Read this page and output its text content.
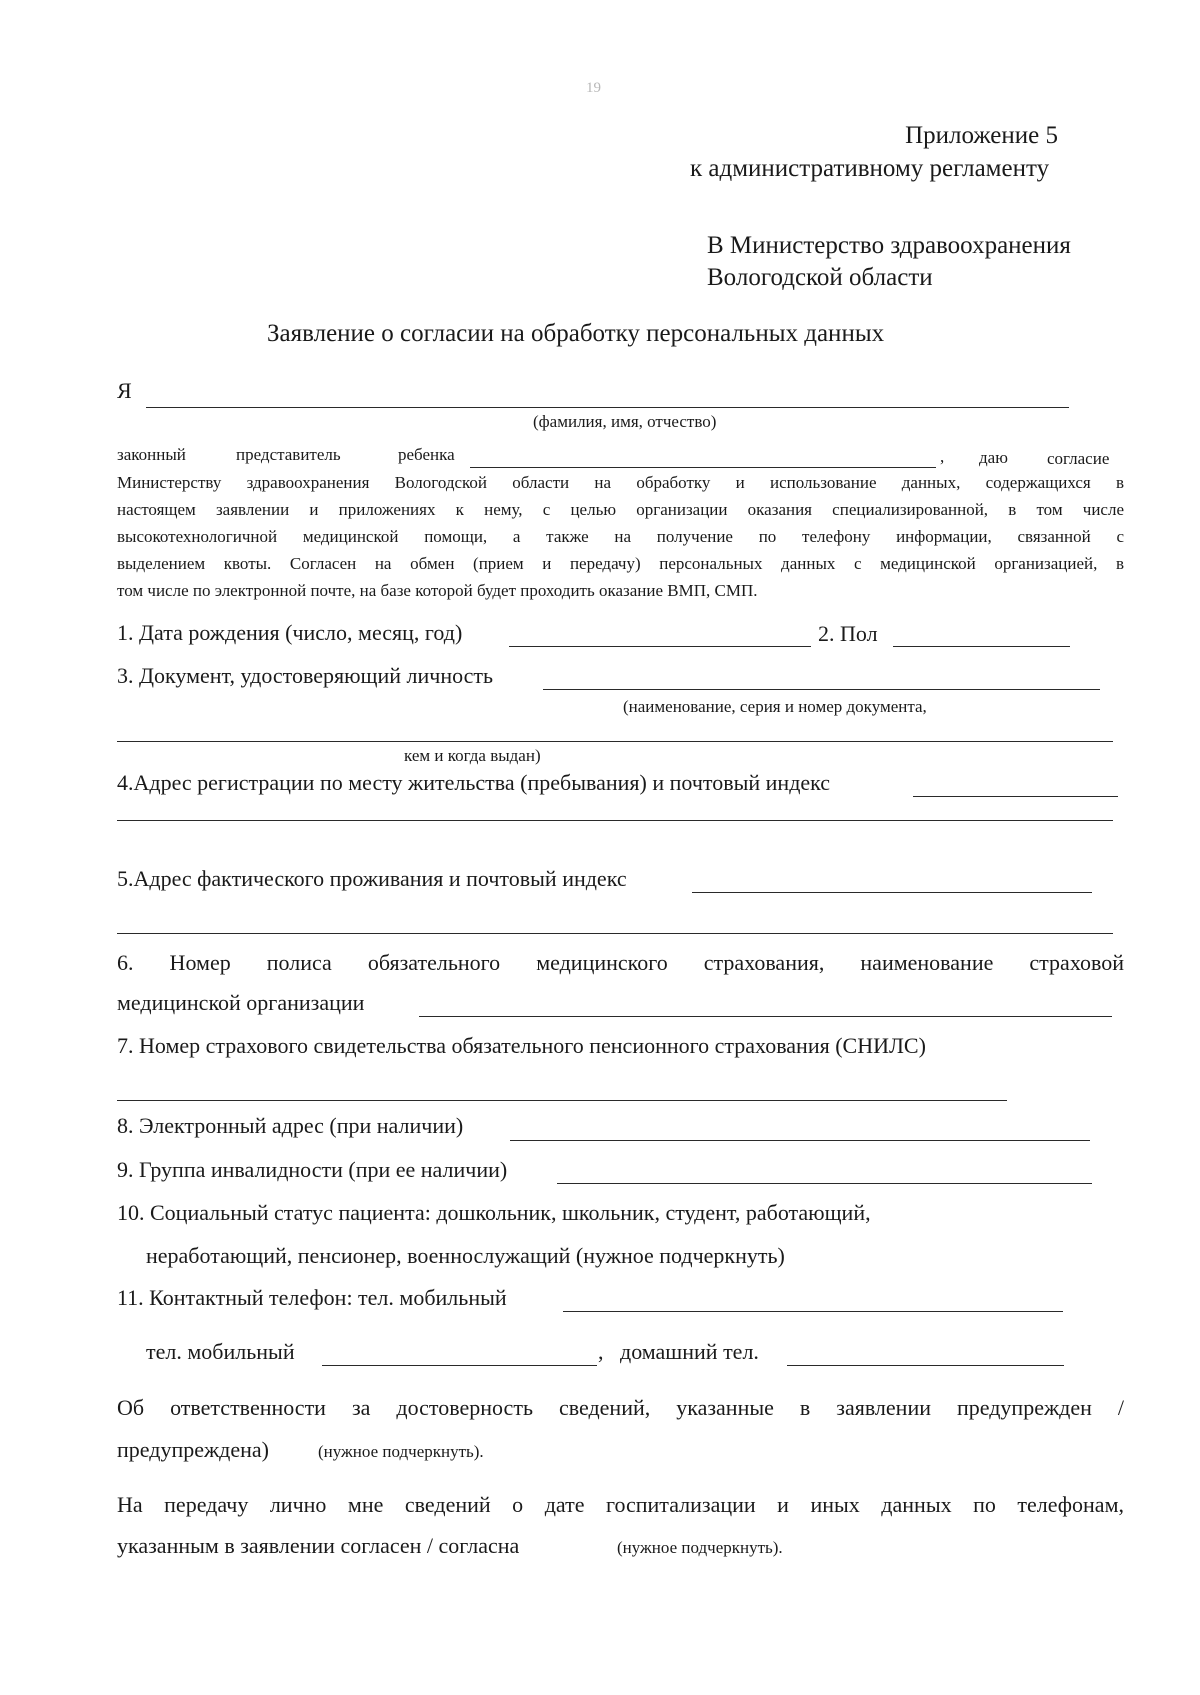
19
Приложение 5
к административному регламенту
В Министерство здравоохранения
Вологодской области
Заявление о согласии на обработку персональных данных
Я
(фамилия, имя, отчество)
законный	представитель	ребенка	, даю согласие
Министерству здравоохранения Вологодской области на обработку и использование данных, содержащихся в
настоящем заявлении и приложениях к нему, с целью организации оказания специализированной, в том числе
высокотехнологичной медицинской помощи, а также на получение по телефону информации, связанной с
выделением квоты. Согласен на обмен (прием и передачу) персональных данных с медицинской организацией, в
том числе по электронной почте, на базе которой будет проходить оказание ВМП, СМП.
1. Дата рождения (число, месяц, год)	2. Пол
3. Документ, удостоверяющий личность
(наименование, серия и номер документа,
кем и когда выдан)
4.Адрес регистрации по месту жительства (пребывания) и почтовый индекс
5.Адрес фактического проживания и почтовый индекс
6. Номер полиса обязательного медицинского страхования, наименование страховой
медицинской организации
7. Номер страхового свидетельства обязательного пенсионного страхования (СНИЛС)
8. Электронный адрес (при наличии)
9. Группа инвалидности (при ее наличии)
10. Социальный статус пациента: дошкольник, школьник, студент, работающий,
неработающий, пенсионер, военнослужащий (нужное подчеркнуть)
11. Контактный телефон: тел. мобильный
тел. мобильный	, домашний тел.
Об ответственности за достоверность сведений, указанные в заявлении предупрежден /
предупреждена)	(нужное подчеркнуть).
На передачу лично мне сведений о дате госпитализации и иных данных по телефонам,
указанным в заявлении согласен / согласна	(нужное подчеркнуть).
